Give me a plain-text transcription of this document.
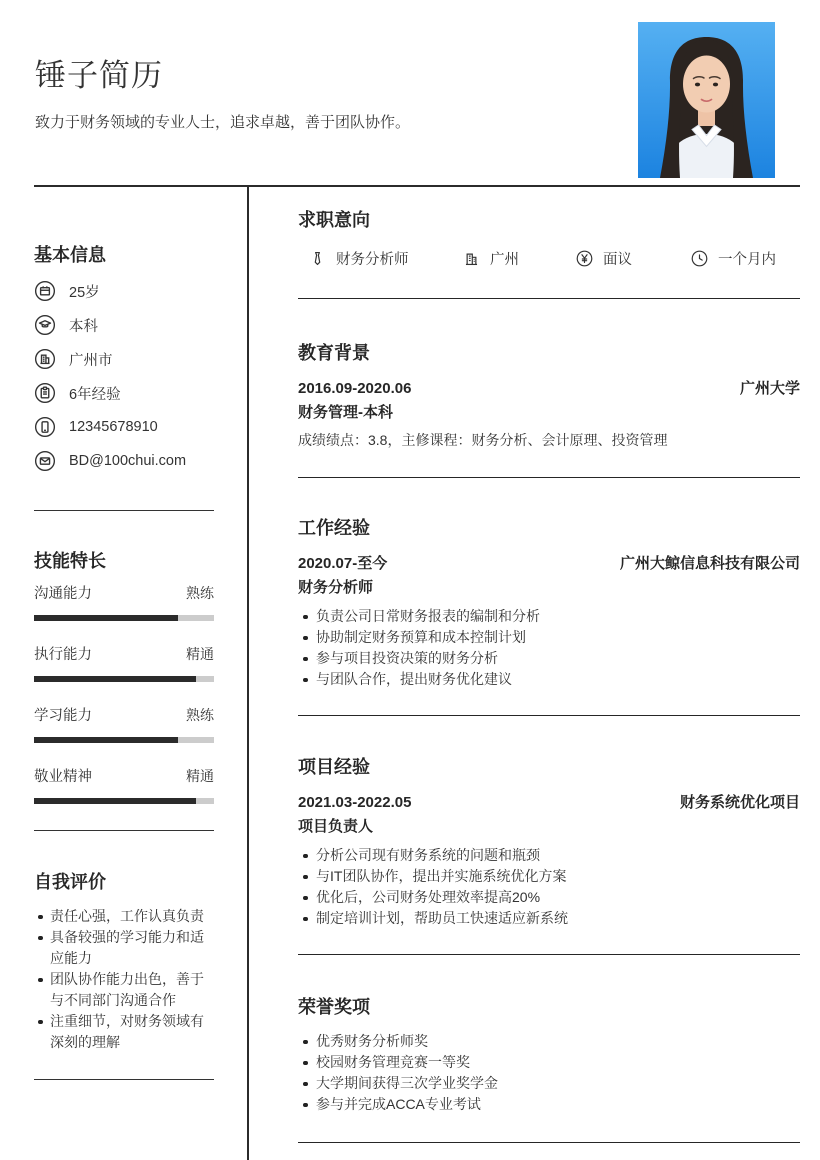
锤子简历
致力于财务领域的专业人士，追求卓越，善于团队协作。
基本信息
25岁
本科
广州市
6年经验
12345678910
BD@100chui.com
技能特长
沟通能力	熟练
执行能力	精通
学习能力	熟练
敬业精神	精通
自我评价
责任心强，工作认真负责
具备较强的学习能力和适应能力
团队协作能力出色，善于与不同部门沟通合作
注重细节，对财务领域有深刻的理解
求职意向
财务分析师	广州	面议	一个月内
教育背景
2016.09-2020.06	广州大学
财务管理-本科
成绩绩点：3.8，主修课程：财务分析、会计原理、投资管理
工作经验
2020.07-至今	广州大鲸信息科技有限公司
财务分析师
负责公司日常财务报表的编制和分析
协助制定财务预算和成本控制计划
参与项目投资决策的财务分析
与团队合作，提出财务优化建议
项目经验
2021.03-2022.05	财务系统优化项目
项目负责人
分析公司现有财务系统的问题和瓶颈
与IT团队协作，提出并实施系统优化方案
优化后，公司财务处理效率提高20%
制定培训计划，帮助员工快速适应新系统
荣誉奖项
优秀财务分析师奖
校园财务管理竞赛一等奖
大学期间获得三次学业奖学金
参与并完成ACCA专业考试
